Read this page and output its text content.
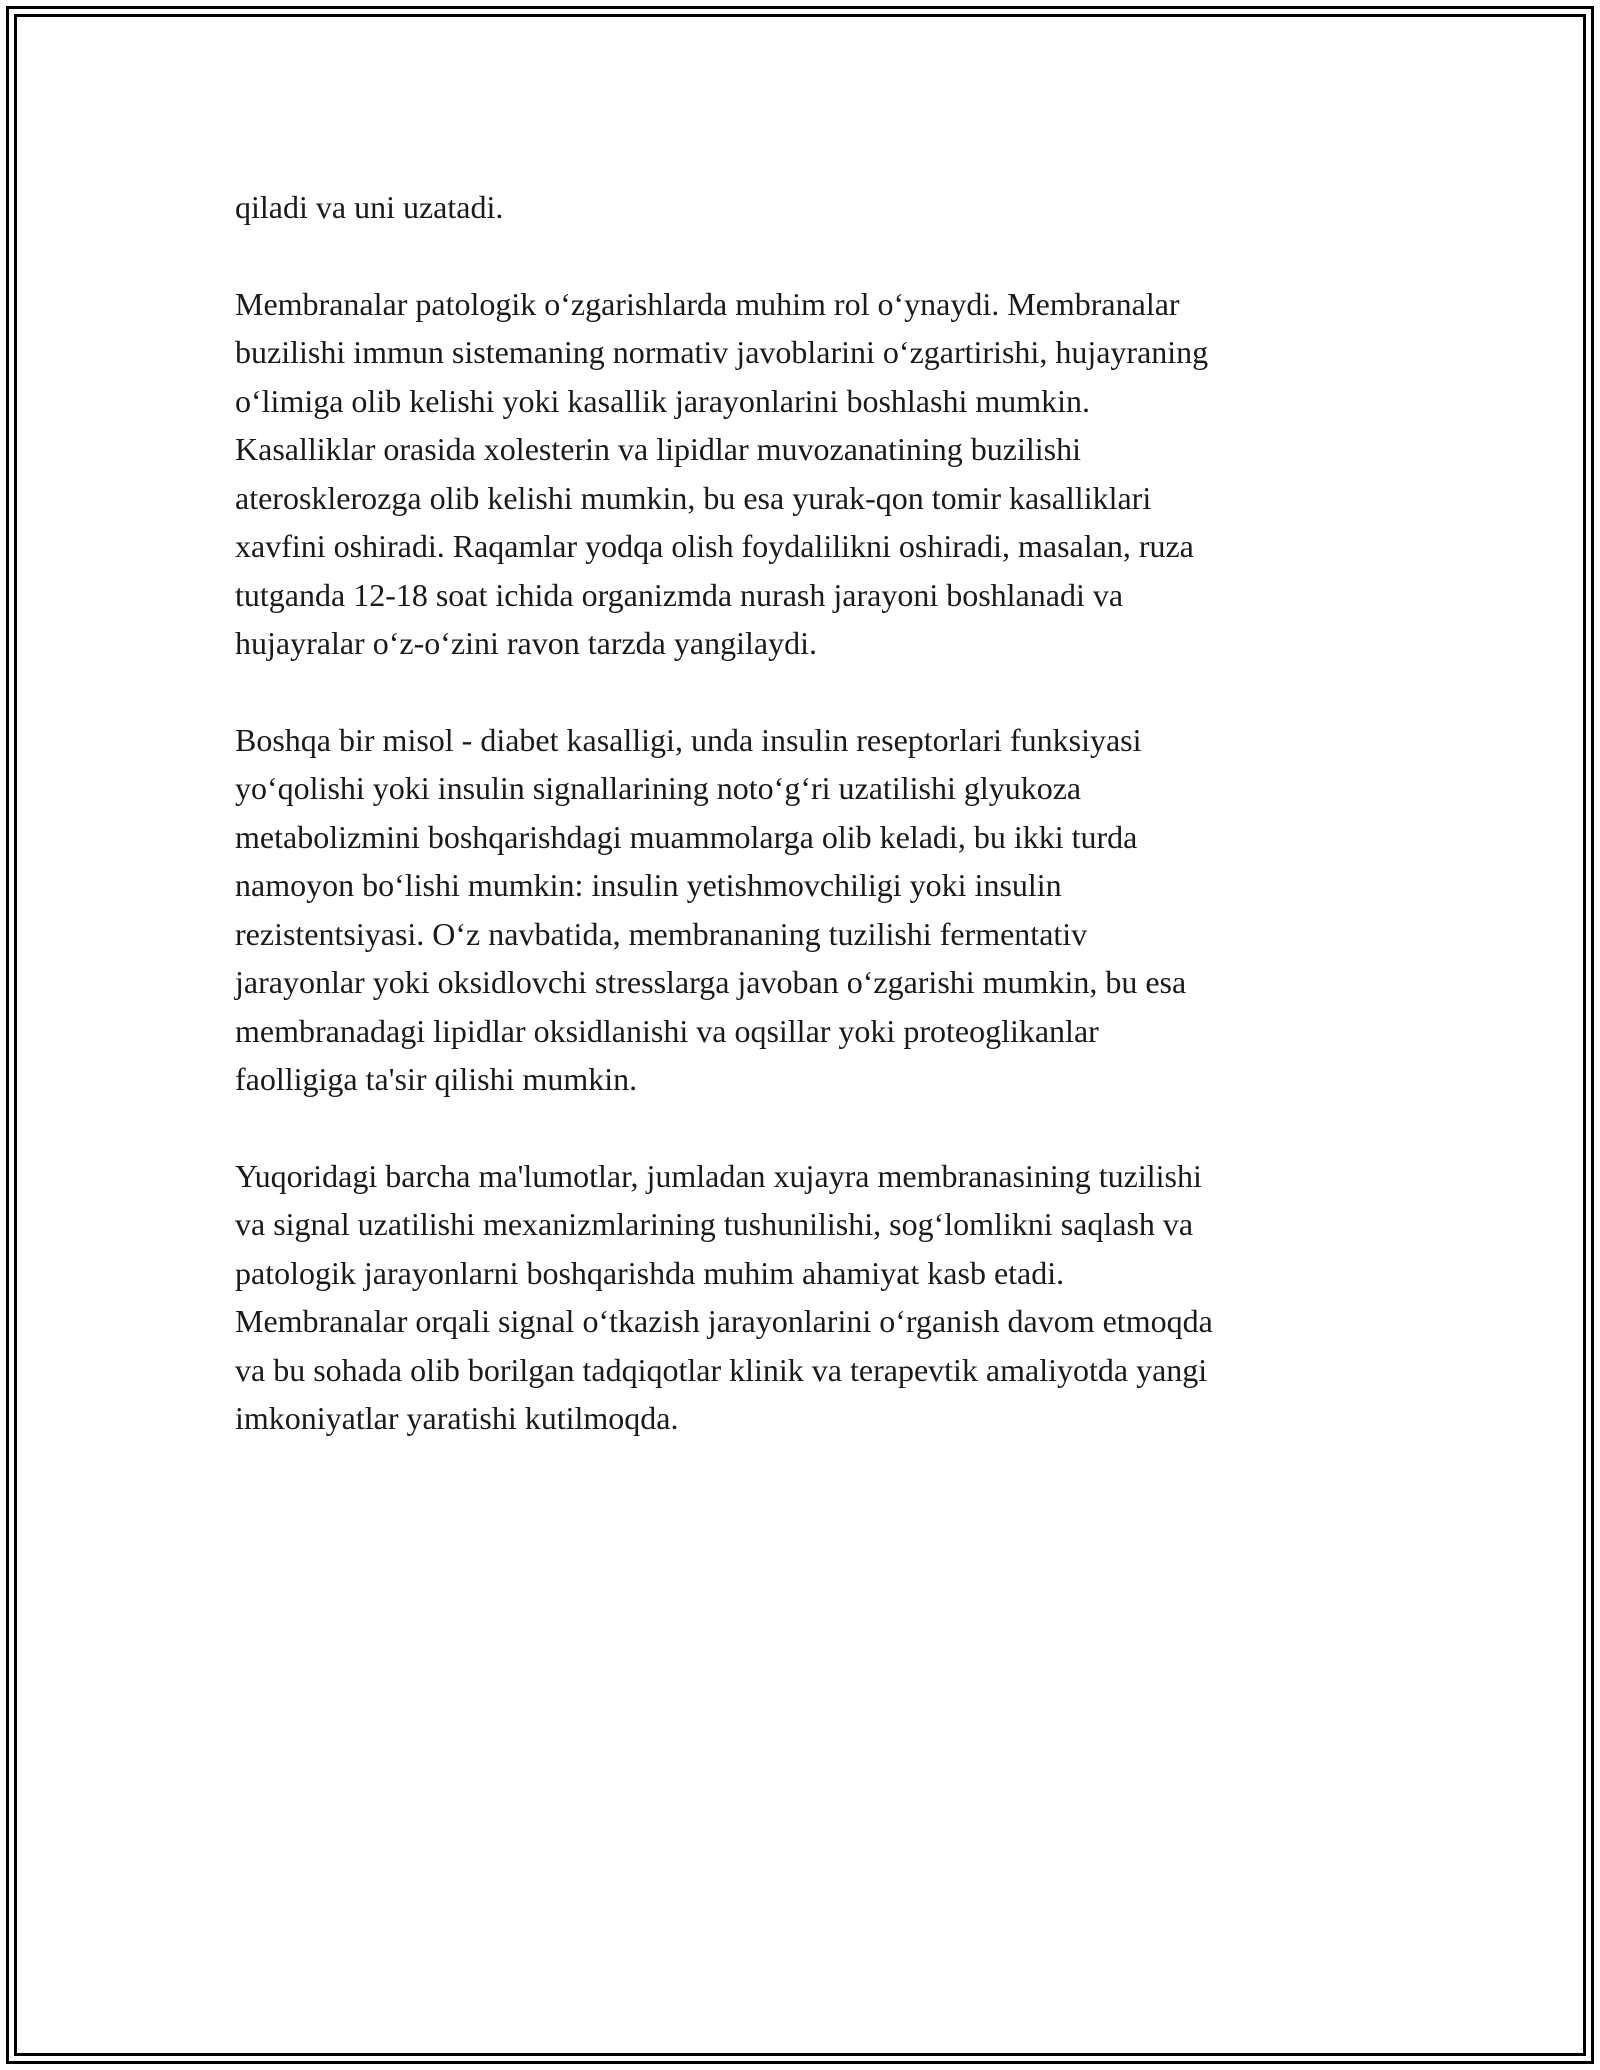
qiladi va uni uzatadi.

Membranalar patologik o‘zgarishlarda muhim rol o‘ynaydi. Membranalar
buzilishi immun sistemaning normativ javoblarini o‘zgartirishi, hujayraning
o‘limiga olib kelishi yoki kasallik jarayonlarini boshlashi mumkin.
Kasalliklar orasida xolesterin va lipidlar muvozanatining buzilishi
aterosklerozga olib kelishi mumkin, bu esa yurak-qon tomir kasalliklari
xavfini oshiradi. Raqamlar yodqa olish foydalilikni oshiradi, masalan, ruza
tutganda 12-18 soat ichida organizmda nurash jarayoni boshlanadi va
hujayralar o‘z-o‘zini ravon tarzda yangilaydi.

Boshqa bir misol - diabet kasalligi, unda insulin reseptorlari funksiyasi
yo‘qolishi yoki insulin signallarining noto‘g‘ri uzatilishi glyukoza
metabolizmini boshqarishdagi muammolarga olib keladi, bu ikki turda
namoyon bo‘lishi mumkin: insulin yetishmovchiligi yoki insulin
rezistentsiyasi. O‘z navbatida, membrananing tuzilishi fermentativ
jarayonlar yoki oksidlovchi stresslarga javoban o‘zgarishi mumkin, bu esa
membranadagi lipidlar oksidlanishi va oqsillar yoki proteoglikanlar
faolligiga ta'sir qilishi mumkin.

Yuqoridagi barcha ma'lumotlar, jumladan xujayra membranasining tuzilishi
va signal uzatilishi mexanizmlarining tushunilishi, sog‘lomlikni saqlash va
patologik jarayonlarni boshqarishda muhim ahamiyat kasb etadi.
Membranalar orqali signal o‘tkazish jarayonlarini o‘rganish davom etmoqda
va bu sohada olib borilgan tadqiqotlar klinik va terapevtik amaliyotda yangi
imkoniyatlar yaratishi kutilmoqda.
